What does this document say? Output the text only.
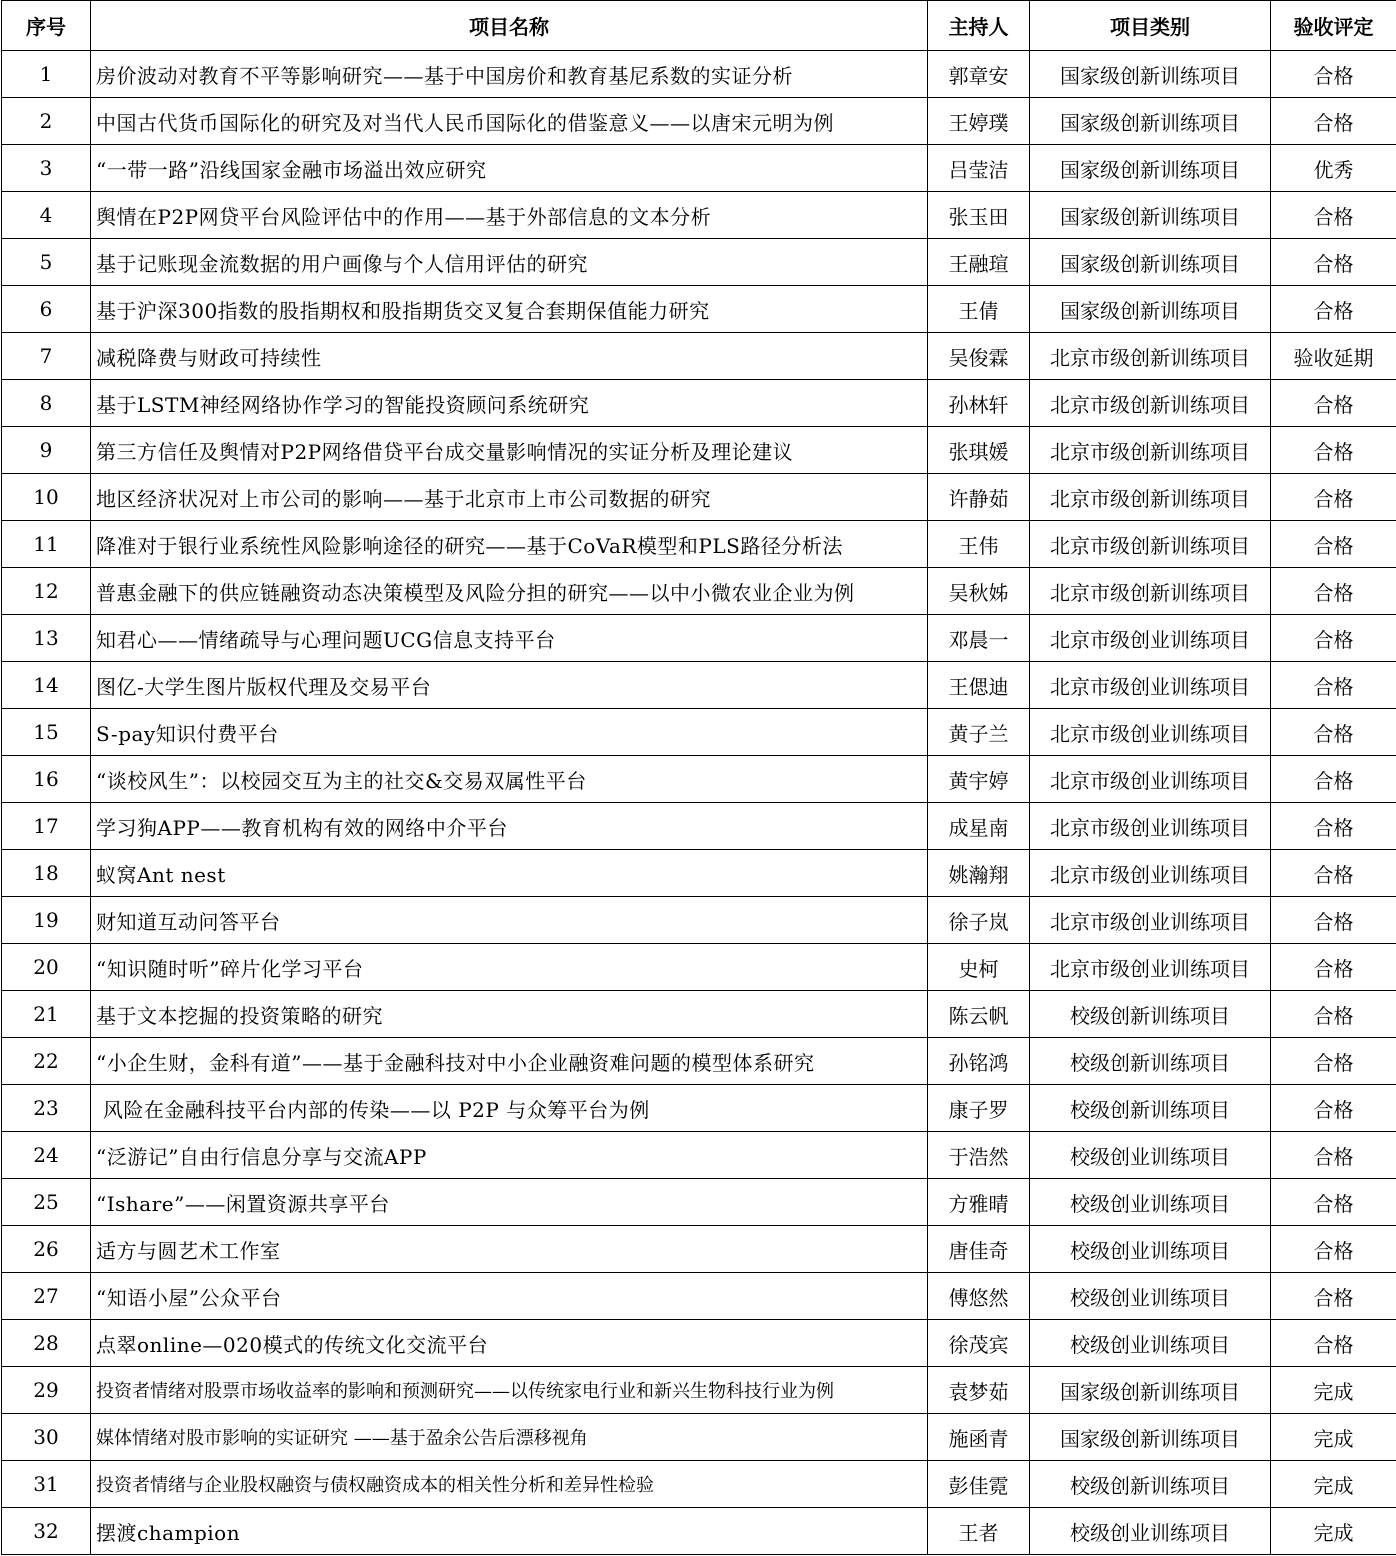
序号	项目名称	主持人	项目类别	验收评定
1	房价波动对教育不平等影响研究——基于中国房价和教育基尼系数的实证分析	郭章安	国家级创新训练项目	合格
2	中国古代货币国际化的研究及对当代人民币国际化的借鉴意义——以唐宋元明为例	王婷璞	国家级创新训练项目	合格
3	“一带一路”沿线国家金融市场溢出效应研究	吕莹洁	国家级创新训练项目	优秀
4	舆情在P2P网贷平台风险评估中的作用——基于外部信息的文本分析	张玉田	国家级创新训练项目	合格
5	基于记账现金流数据的用户画像与个人信用评估的研究	王融瑄	国家级创新训练项目	合格
6	基于沪深300指数的股指期权和股指期货交叉复合套期保值能力研究	王倩	国家级创新训练项目	合格
7	减税降费与财政可持续性	吴俊霖	北京市级创新训练项目	验收延期
8	基于LSTM神经网络协作学习的智能投资顾问系统研究	孙林轩	北京市级创新训练项目	合格
9	第三方信任及舆情对P2P网络借贷平台成交量影响情况的实证分析及理论建议	张琪媛	北京市级创新训练项目	合格
10	地区经济状况对上市公司的影响——基于北京市上市公司数据的研究	许静茹	北京市级创新训练项目	合格
11	降准对于银行业系统性风险影响途径的研究——基于CoVaR模型和PLS路径分析法	王伟	北京市级创新训练项目	合格
12	普惠金融下的供应链融资动态决策模型及风险分担的研究——以中小微农业企业为例	吴秋姊	北京市级创新训练项目	合格
13	知君心——情绪疏导与心理问题UCG信息支持平台	邓晨一	北京市级创业训练项目	合格
14	图亿-大学生图片版权代理及交易平台	王偲迪	北京市级创业训练项目	合格
15	S-pay知识付费平台	黄子兰	北京市级创业训练项目	合格
16	“谈校风生”：以校园交互为主的社交&交易双属性平台	黄宇婷	北京市级创业训练项目	合格
17	学习狗APP——教育机构有效的网络中介平台	成星南	北京市级创业训练项目	合格
18	蚁窝Ant nest	姚瀚翔	北京市级创业训练项目	合格
19	财知道互动问答平台	徐子岚	北京市级创业训练项目	合格
20	“知识随时听”碎片化学习平台	史柯	北京市级创业训练项目	合格
21	基于文本挖掘的投资策略的研究	陈云帆	校级创新训练项目	合格
22	“小企生财，金科有道”——基于金融科技对中小企业融资难问题的模型体系研究	孙铭鸿	校级创新训练项目	合格
23	风险在金融科技平台内部的传染——以 P2P 与众筹平台为例	康子罗	校级创新训练项目	合格
24	“泛游记”自由行信息分享与交流APP	于浩然	校级创业训练项目	合格
25	“Ishare”——闲置资源共享平台	方雅晴	校级创业训练项目	合格
26	适方与圆艺术工作室	唐佳奇	校级创业训练项目	合格
27	“知语小屋”公众平台	傅悠然	校级创业训练项目	合格
28	点翠online—020模式的传统文化交流平台	徐茂宾	校级创业训练项目	合格
29	投资者情绪对股票市场收益率的影响和预测研究——以传统家电行业和新兴生物科技行业为例	袁梦茹	国家级创新训练项目	完成
30	媒体情绪对股市影响的实证研究 ——基于盈余公告后漂移视角	施函青	国家级创新训练项目	完成
31	投资者情绪与企业股权融资与债权融资成本的相关性分析和差异性检验	彭佳霓	校级创新训练项目	完成
32	摆渡champion	王者	校级创业训练项目	完成
